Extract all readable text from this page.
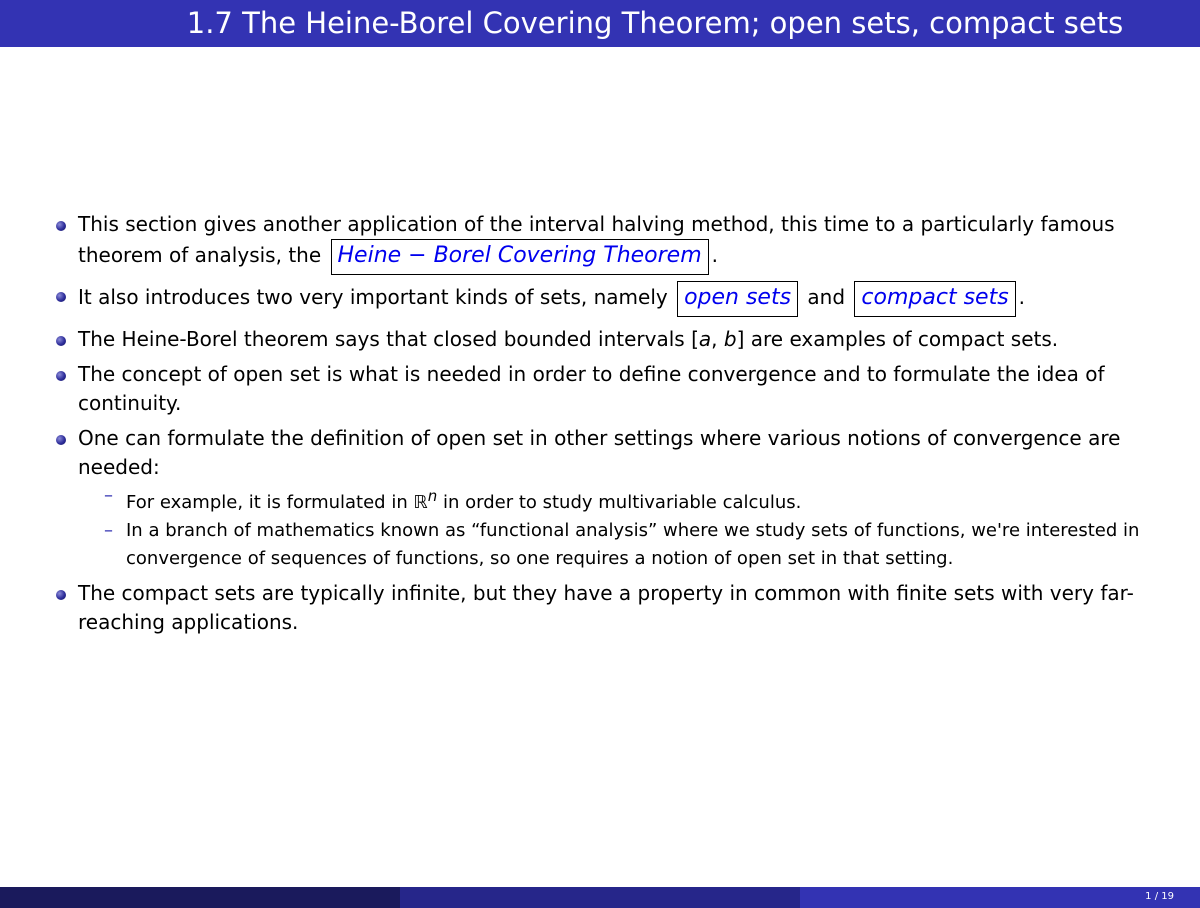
1.7 The Heine-Borel Covering Theorem; open sets, compact sets
This section gives another application of the interval halving method, this time to a particularly famous theorem of analysis, the Heine − Borel Covering Theorem .
It also introduces two very important kinds of sets, namely open sets and compact sets .
The Heine-Borel theorem says that closed bounded intervals [a, b] are examples of compact sets.
The concept of open set is what is needed in order to define convergence and to formulate the idea of continuity.
One can formulate the definition of open set in other settings where various notions of convergence are needed:
– For example, it is formulated in ℝ$^n$ in order to study multivariable calculus.
– In a branch of mathematics known as “functional analysis” where we study sets of functions, we're interested in convergence of sequences of functions, so one requires a notion of open set in that setting.
The compact sets are typically infinite, but they have a property in common with finite sets with very far-reaching applications.
1 / 19
